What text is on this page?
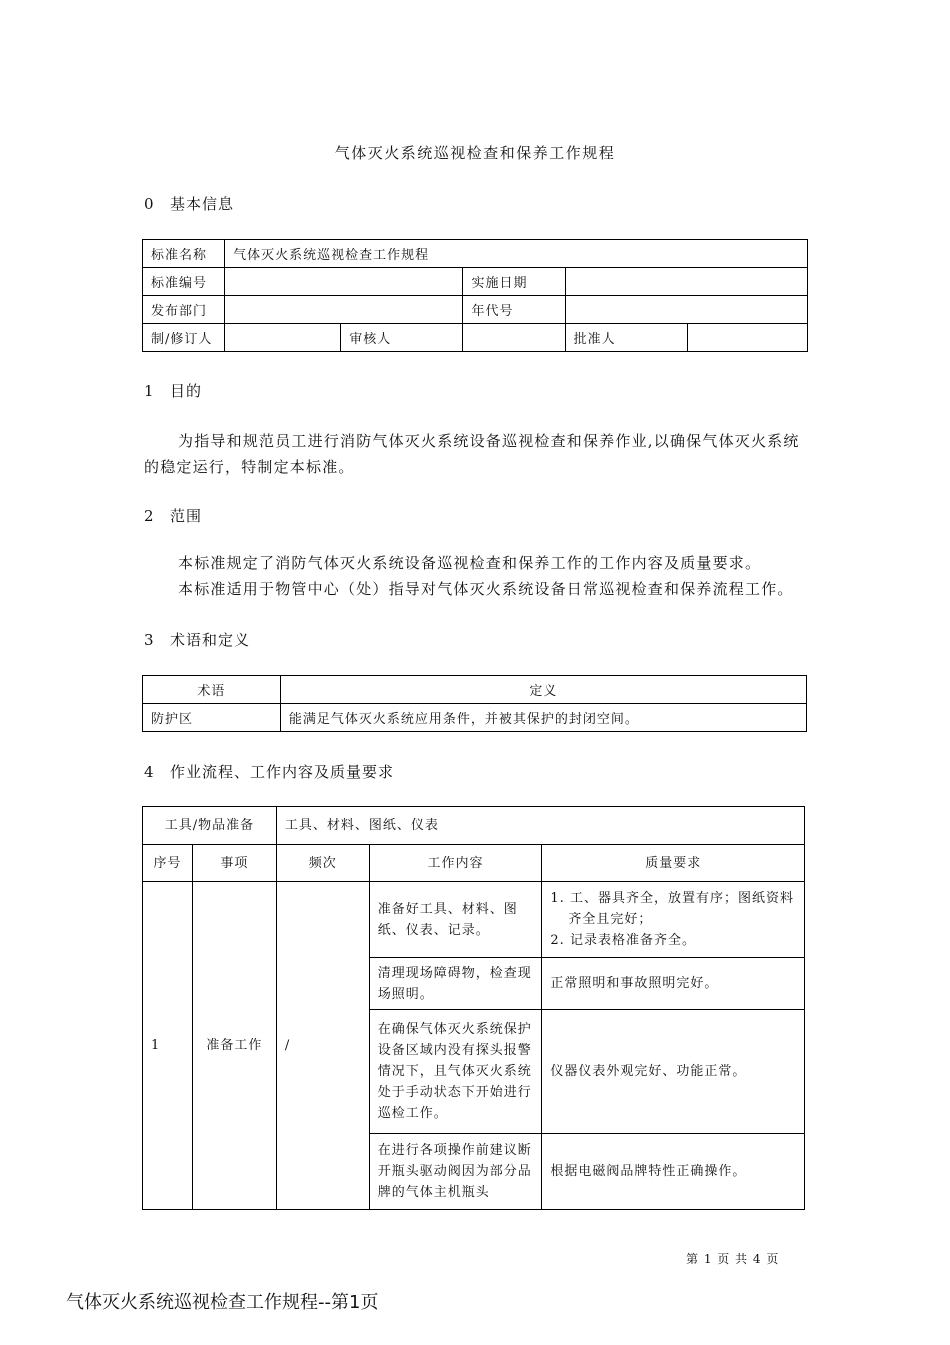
气体灭火系统巡视检查和保养工作规程
0 基本信息
标准名称	气体灭火系统巡视检查工作规程				
标准编号			实施日期		
发布部门			年代号		
制/修订人		审核人		批准人	
1 目的

为指导和规范员工进行消防气体灭火系统设备巡视检查和保养作业,以确保气体灭火系统的稳定运行，特制定本标准。

2 范围

本标准规定了消防气体灭火系统设备巡视检查和保养工作的工作内容及质量要求。

本标准适用于物管中心（处）指导对气体灭火系统设备日常巡视检查和保养流程工作。

3 术语和定义
术语	定义
防护区	能满足气体灭火系统应用条件，并被其保护的封闭空间。
4 作业流程、工作内容及质量要求
工具/物品准备		工具、材料、图纸、仪表		
序号	事项	频次	工作内容	质量要求
1	准备工作	/	准备好工具、材料、图纸、仪表、记录。	1. 工、器具齐全，放置有序；图纸资料齐全且完好；
2. 记录表格准备齐全。

			清理现场障碍物，检查现场照明。	正常照明和事故照明完好。
			在确保气体灭火系统保护设备区域内没有探头报警情况下，且气体灭火系统处于手动状态下开始进行巡检工作。	仪器仪表外观完好、功能正常。
			在进行各项操作前建议断开瓶头驱动阀因为部分品牌的气体主机瓶头	根据电磁阀品牌特性正确操作。
第 1 页 共 4 页
气体灭火系统巡视检查工作规程--第1页
